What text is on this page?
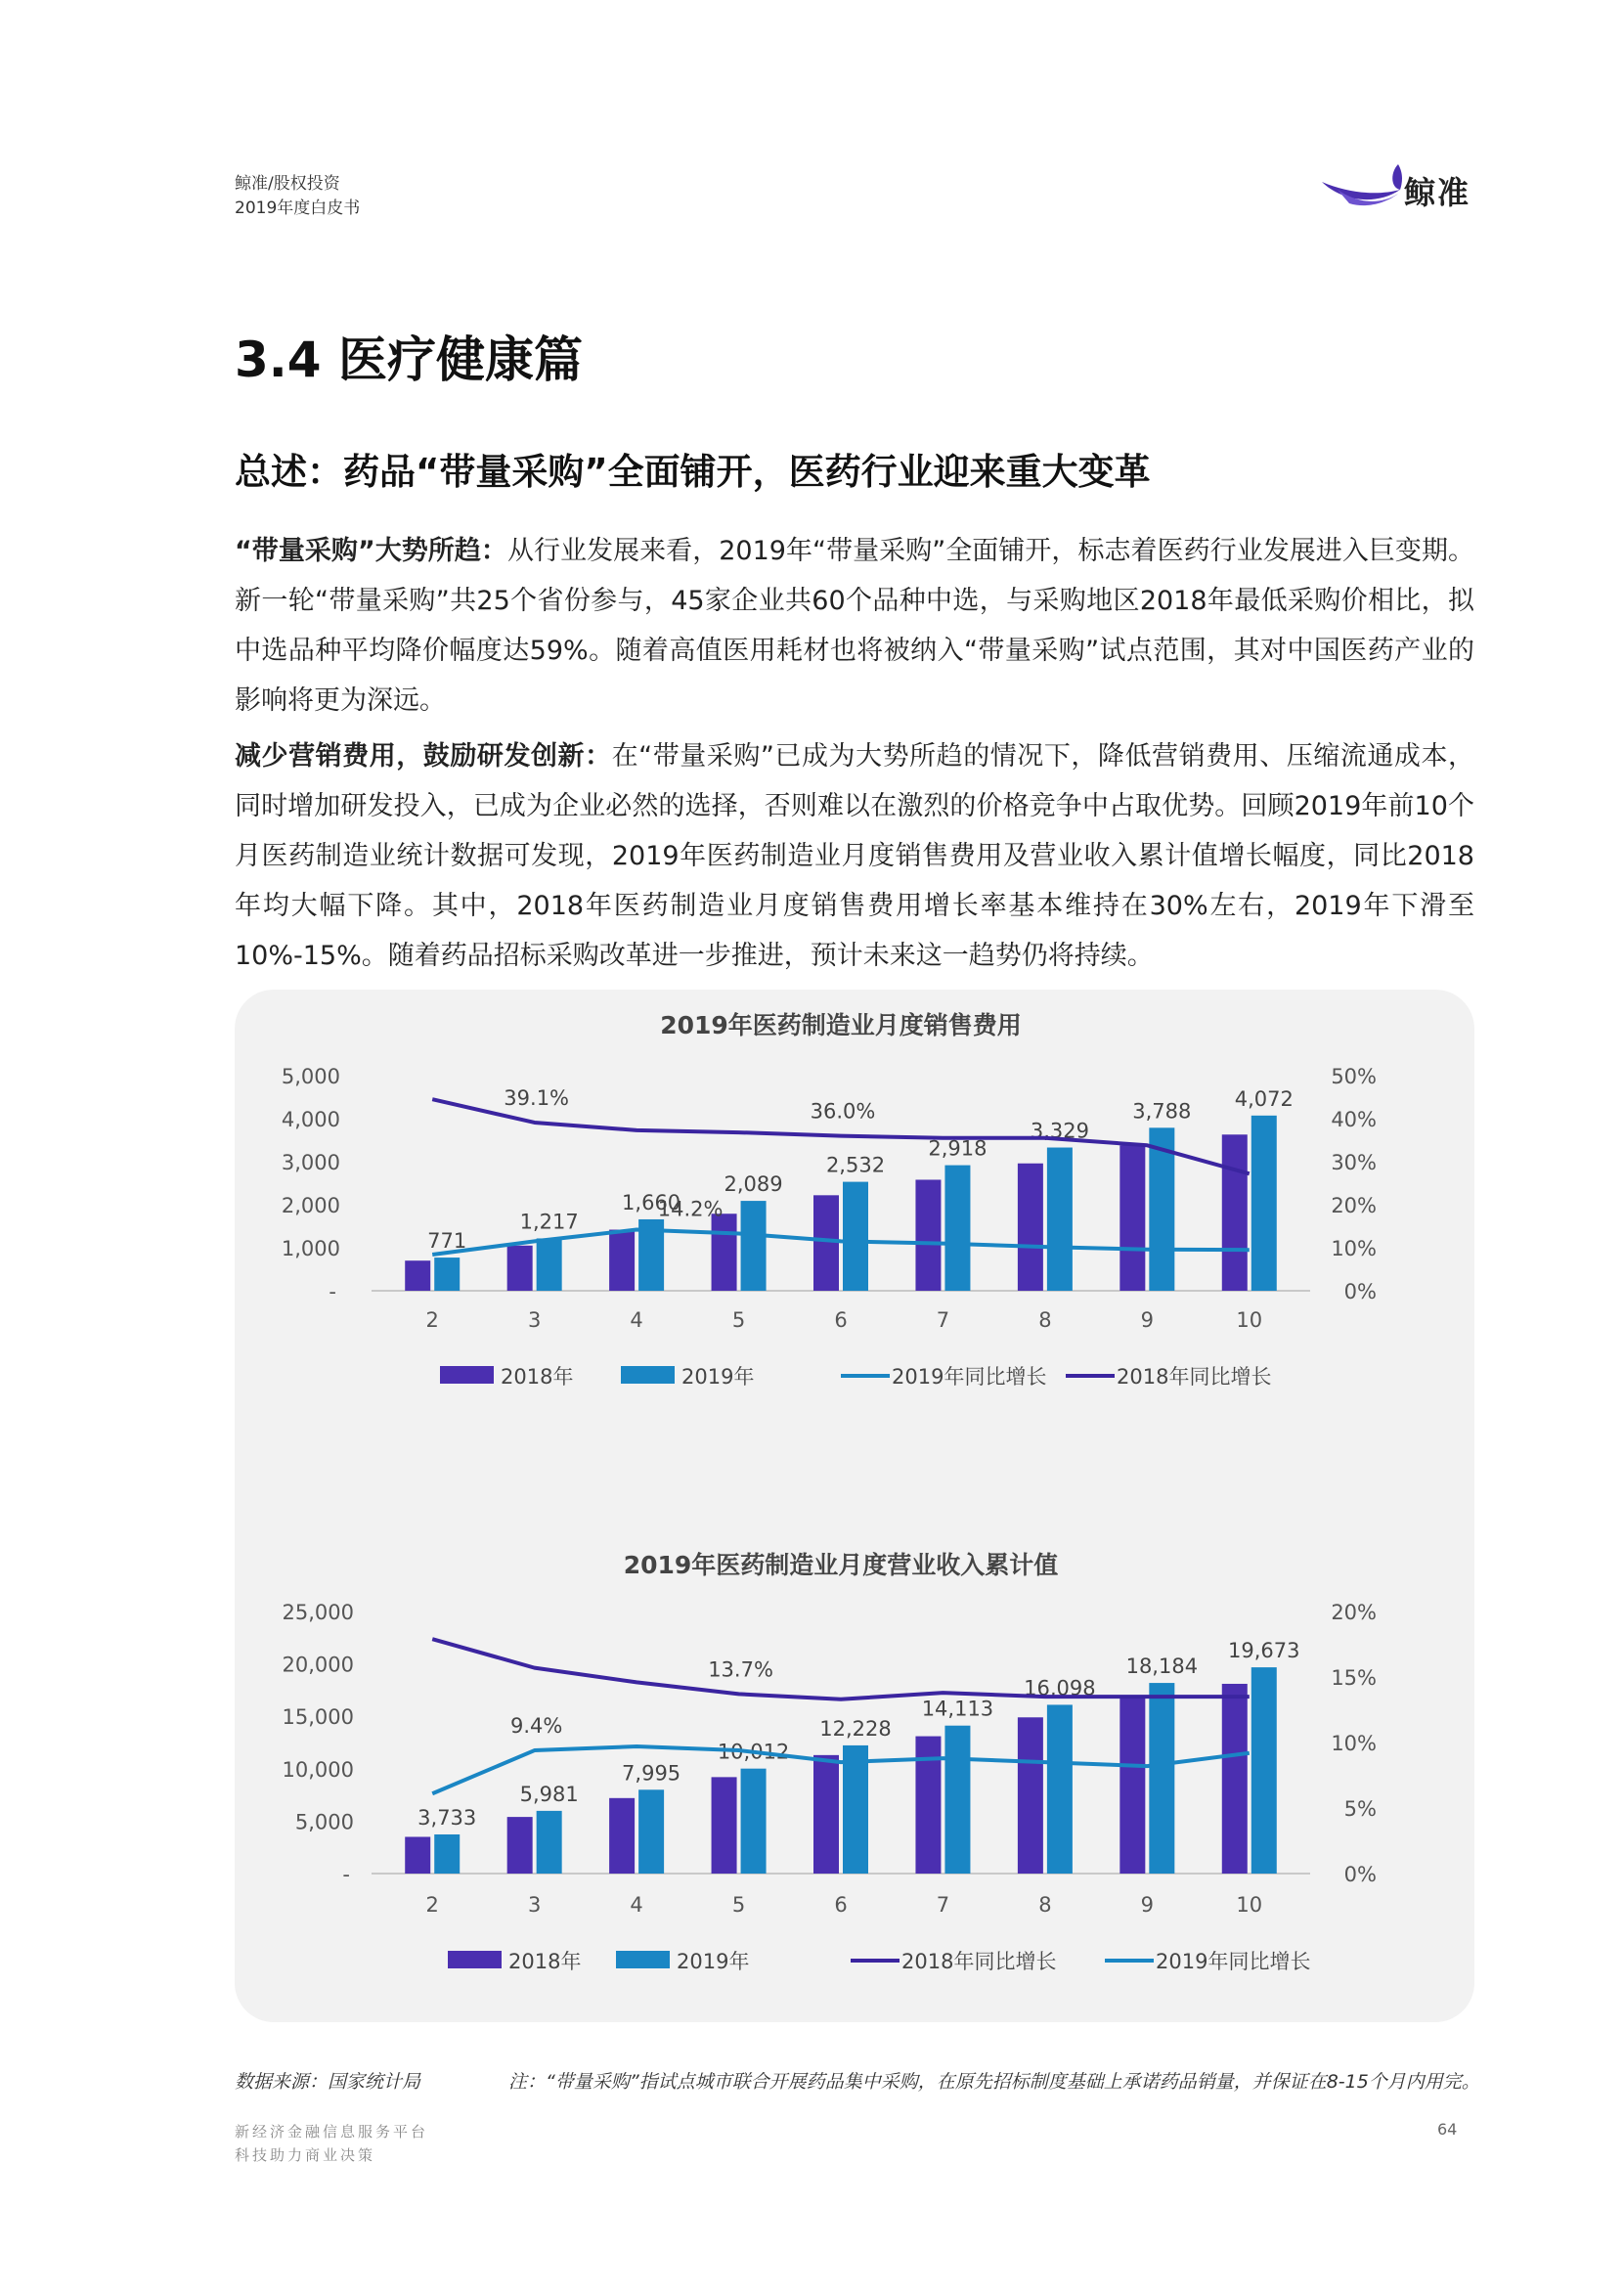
鲸准/股权投资
2019年度白皮书	鲸准
3.4 医疗健康篇
总述：药品“带量采购”全面铺开，医药行业迎来重大变革

“带量采购”大势所趋：从行业发展来看，2019年“带量采购”全面铺开，标志着医药行业发展进入巨变期。新一轮“带量采购”共25个省份参与，45家企业共60个品种中选，与采购地区2018年最低采购价相比，拟中选品种平均降价幅度达59%。随着高值医用耗材也将被纳入“带量采购”试点范围，其对中国医药产业的影响将更为深远。

减少营销费用，鼓励研发创新：在“带量采购”已成为大势所趋的情况下，降低营销费用、压缩流通成本，同时增加研发投入，已成为企业必然的选择，否则难以在激烈的价格竞争中占取优势。回顾2019年前10个月医药制造业统计数据可发现，2019年医药制造业月度销售费用及营业收入累计值增长幅度，同比2018年均大幅下降。其中，2018年医药制造业月度销售费用增长率基本维持在30%左右，2019年下滑至10%-15%。随着药品招标采购改革进一步推进，预计未来这一趋势仍将持续。

2019年医药制造业月度销售费用
-
1,000
2,000
3,000
4,000
5,000
0%
10%
20%
30%
40%
50%
2	3	4	5	6	7	8	9	10
771
1,217
1,660
2,089
2,532
2,918
3,329
3,788
4,072
39.1%
36.0%
14.2%
2018年	2019年	2019年同比增长	2018年同比增长
2019年医药制造业月度营业收入累计值
-
5,000
10,000
15,000
20,000
25,000
0%
5%
10%
15%
20%
2	3	4	5	6	7	8	9	10
3,733
5,981
7,995
10,012
12,228
14,113
16,098
18,184
19,673
9.4%
13.7%
2018年	2019年	2018年同比增长	2019年同比增长
数据来源：国家统计局	注：“带量采购”指试点城市联合开展药品集中采购，在原先招标制度基础上承诺药品销量，并保证在8-15个月内用完。
新经济金融信息服务平台
科技助力商业决策
64
